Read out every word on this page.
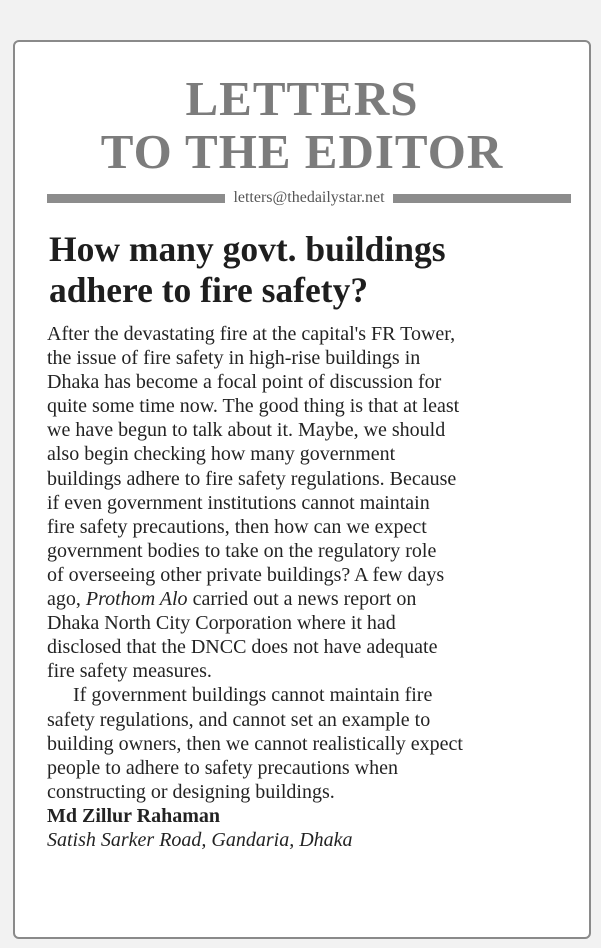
LETTERS
TO THE EDITOR
letters@thedailystar.net
How many govt. buildings
adhere to fire safety?
After the devastating fire at the capital's FR Tower,
the issue of fire safety in high-rise buildings in
Dhaka has become a focal point of discussion for
quite some time now. The good thing is that at least
we have begun to talk about it. Maybe, we should
also begin checking how many government
buildings adhere to fire safety regulations. Because
if even government institutions cannot maintain
fire safety precautions, then how can we expect
government bodies to take on the regulatory role
of overseeing other private buildings? A few days
ago, Prothom Alo carried out a news report on
Dhaka North City Corporation where it had
disclosed that the DNCC does not have adequate
fire safety measures.
If government buildings cannot maintain fire
safety regulations, and cannot set an example to
building owners, then we cannot realistically expect
people to adhere to safety precautions when
constructing or designing buildings.
Md Zillur Rahaman
Satish Sarker Road, Gandaria, Dhaka
